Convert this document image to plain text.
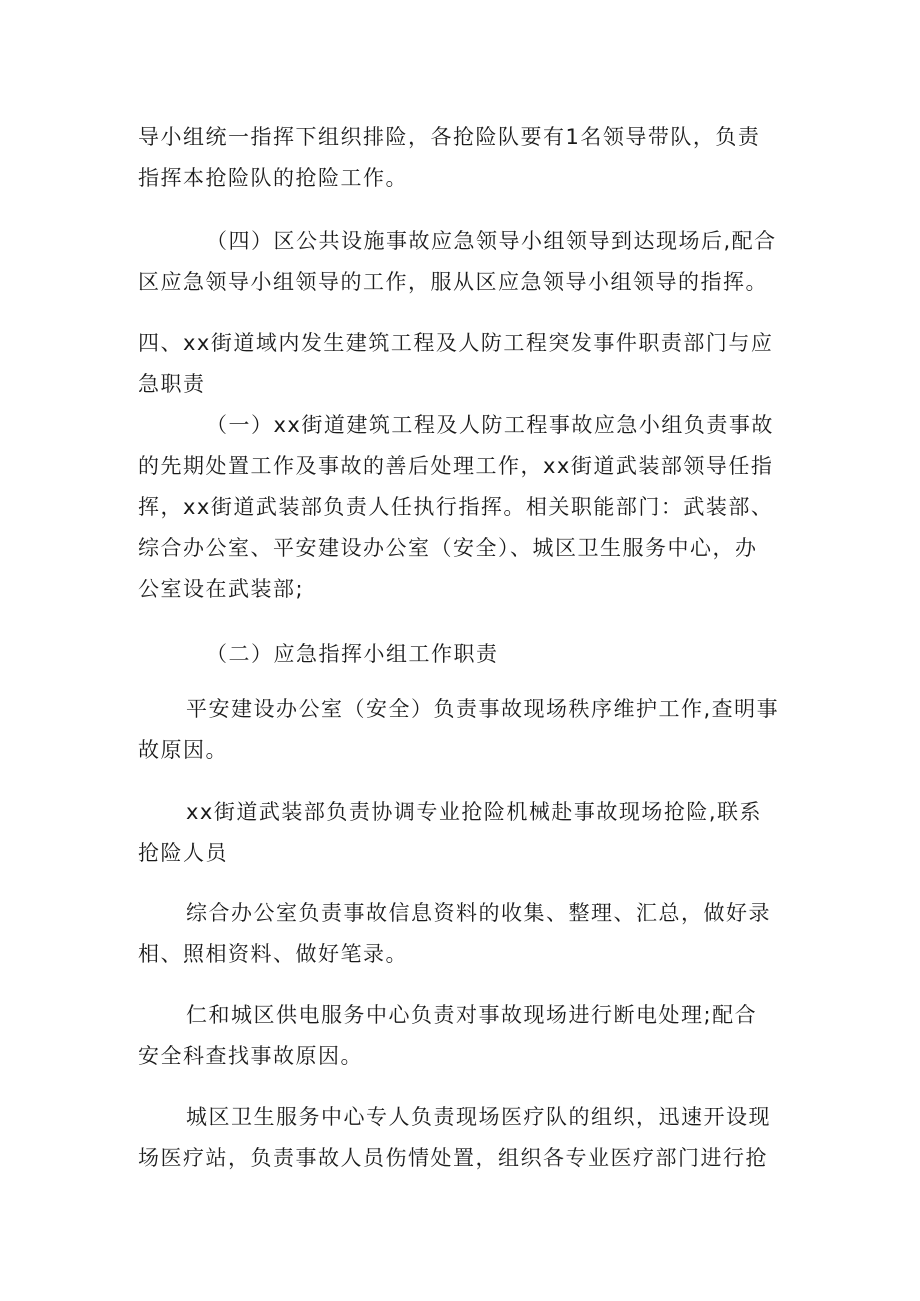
导小组统一指挥下组织排险，各抢险队要有1名领导带队，负责
指挥本抢险队的抢险工作。
（四）区公共设施事故应急领导小组领导到达现场后,配合
区应急领导小组领导的工作，服从区应急领导小组领导的指挥。
四、xx街道域内发生建筑工程及人防工程突发事件职责部门与应
急职责
（一）xx街道建筑工程及人防工程事故应急小组负责事故
的先期处置工作及事故的善后处理工作，xx街道武装部领导任指
挥，xx街道武装部负责人任执行指挥。相关职能部门：武装部、
综合办公室、平安建设办公室（安全）、城区卫生服务中心，办
公室设在武装部;
（二）应急指挥小组工作职责
平安建设办公室（安全）负责事故现场秩序维护工作,查明事
故原因。
xx街道武装部负责协调专业抢险机械赴事故现场抢险,联系
抢险人员
综合办公室负责事故信息资料的收集、整理、汇总，做好录
相、照相资料、做好笔录。
仁和城区供电服务中心负责对事故现场进行断电处理;配合
安全科查找事故原因。
城区卫生服务中心专人负责现场医疗队的组织，迅速开设现
场医疗站，负责事故人员伤情处置，组织各专业医疗部门进行抢
